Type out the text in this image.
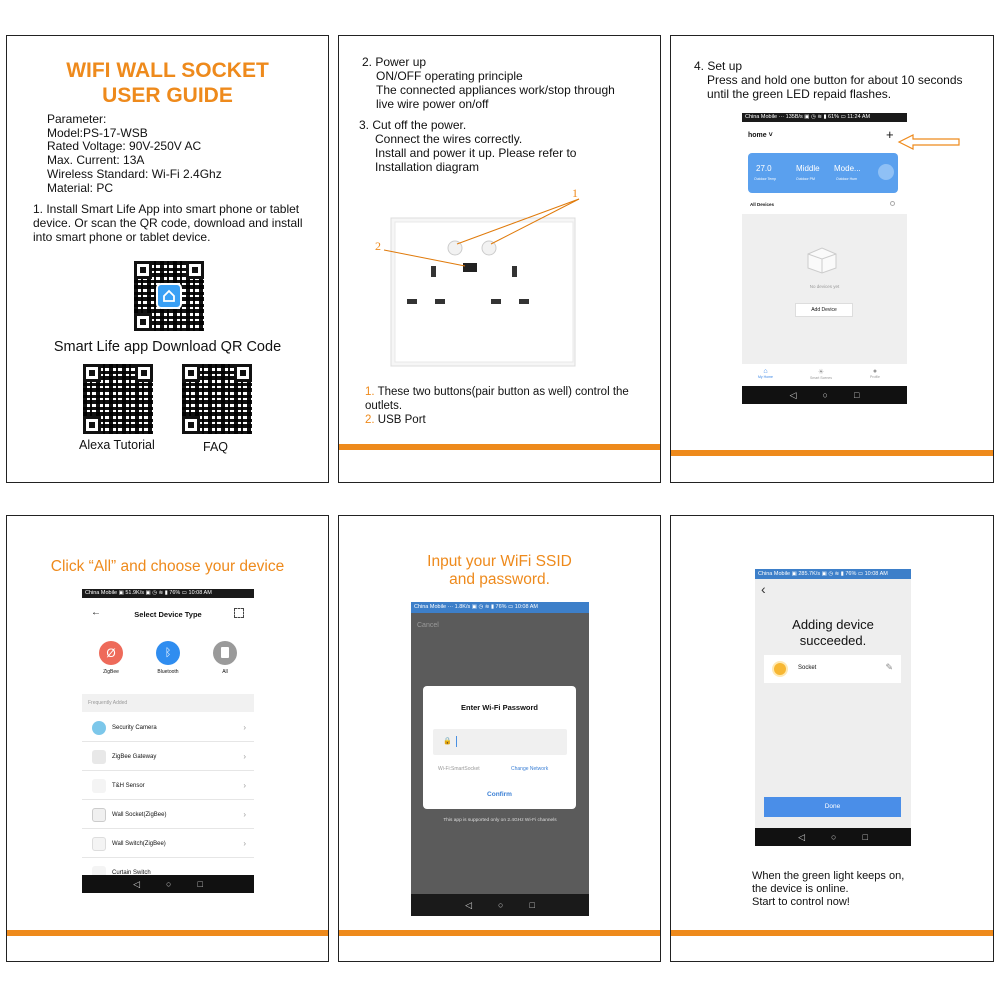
WIFI WALL SOCKET
USER GUIDE
Parameter:
Model:PS-17-WSB
Rated Voltage: 90V-250V AC
Max. Current: 13A
Wireless Standard: Wi-Fi 2.4Ghz
Material: PC
1. Install Smart Life App into smart phone or tablet device. Or scan the QR code, download and install into smart phone or tablet device.
Smart Life app Download QR Code
Alexa Tutorial	FAQ
2. Power up
ON/OFF operating principle
The connected appliances work/stop through
live wire power on/off
3. Cut off the power.
Connect the wires correctly.
Install and power it up. Please refer to
Installation diagram
1
2
1. These two buttons(pair button as well) control the outlets.
2. USB Port
4. Set up
Press and hold one button for about 10 seconds until the green LED repaid flashes.
China Mobile ··· 135B/s ▣ ◷ ≋ ▮ 61% ▭ 11:24 AM
home ˅	+
27.0
Outdoor Temp
Middle
Outdoor PM
Mode...
Outdoor Hum
All Devices
No devices yet
Add Device
⌂
My Home
☀
Smart Scenes
●
Profile
◁	○	□
Click “All” and choose your device
China Mobile ▣ 51.9K/s ▣ ◷ ≋ ▮ 76% ▭ 10:08 AM
←	Select Device Type
Ø
ZigBee
ᛒ
Bluetooth	All
Frequently Added
Security Camera	›
ZigBee Gateway	›
T&H Sensor	›
Wall Socket(ZigBee)	›
Wall Switch(ZigBee)	›
Curtain Switch
◁	○	□
Input your WiFi SSID
and password.
China Mobile ··· 1.8K/s ▣ ◷ ≋ ▮ 76% ▭ 10:08 AM
Cancel
Enter Wi-Fi Password
🔒
Wi-Fi:SmartSocket	Change Network
Confirm
This app is supported only on 2.4GHz Wi-Fi channels
◁	○	□
China Mobile ▣ 285.7K/s ▣ ◷ ≋ ▮ 76% ▭ 10:08 AM
‹
Adding device
succeeded.
Socket	✎
Done
◁	○	□
When the green light keeps on,
the device is online.
Start to control now!
